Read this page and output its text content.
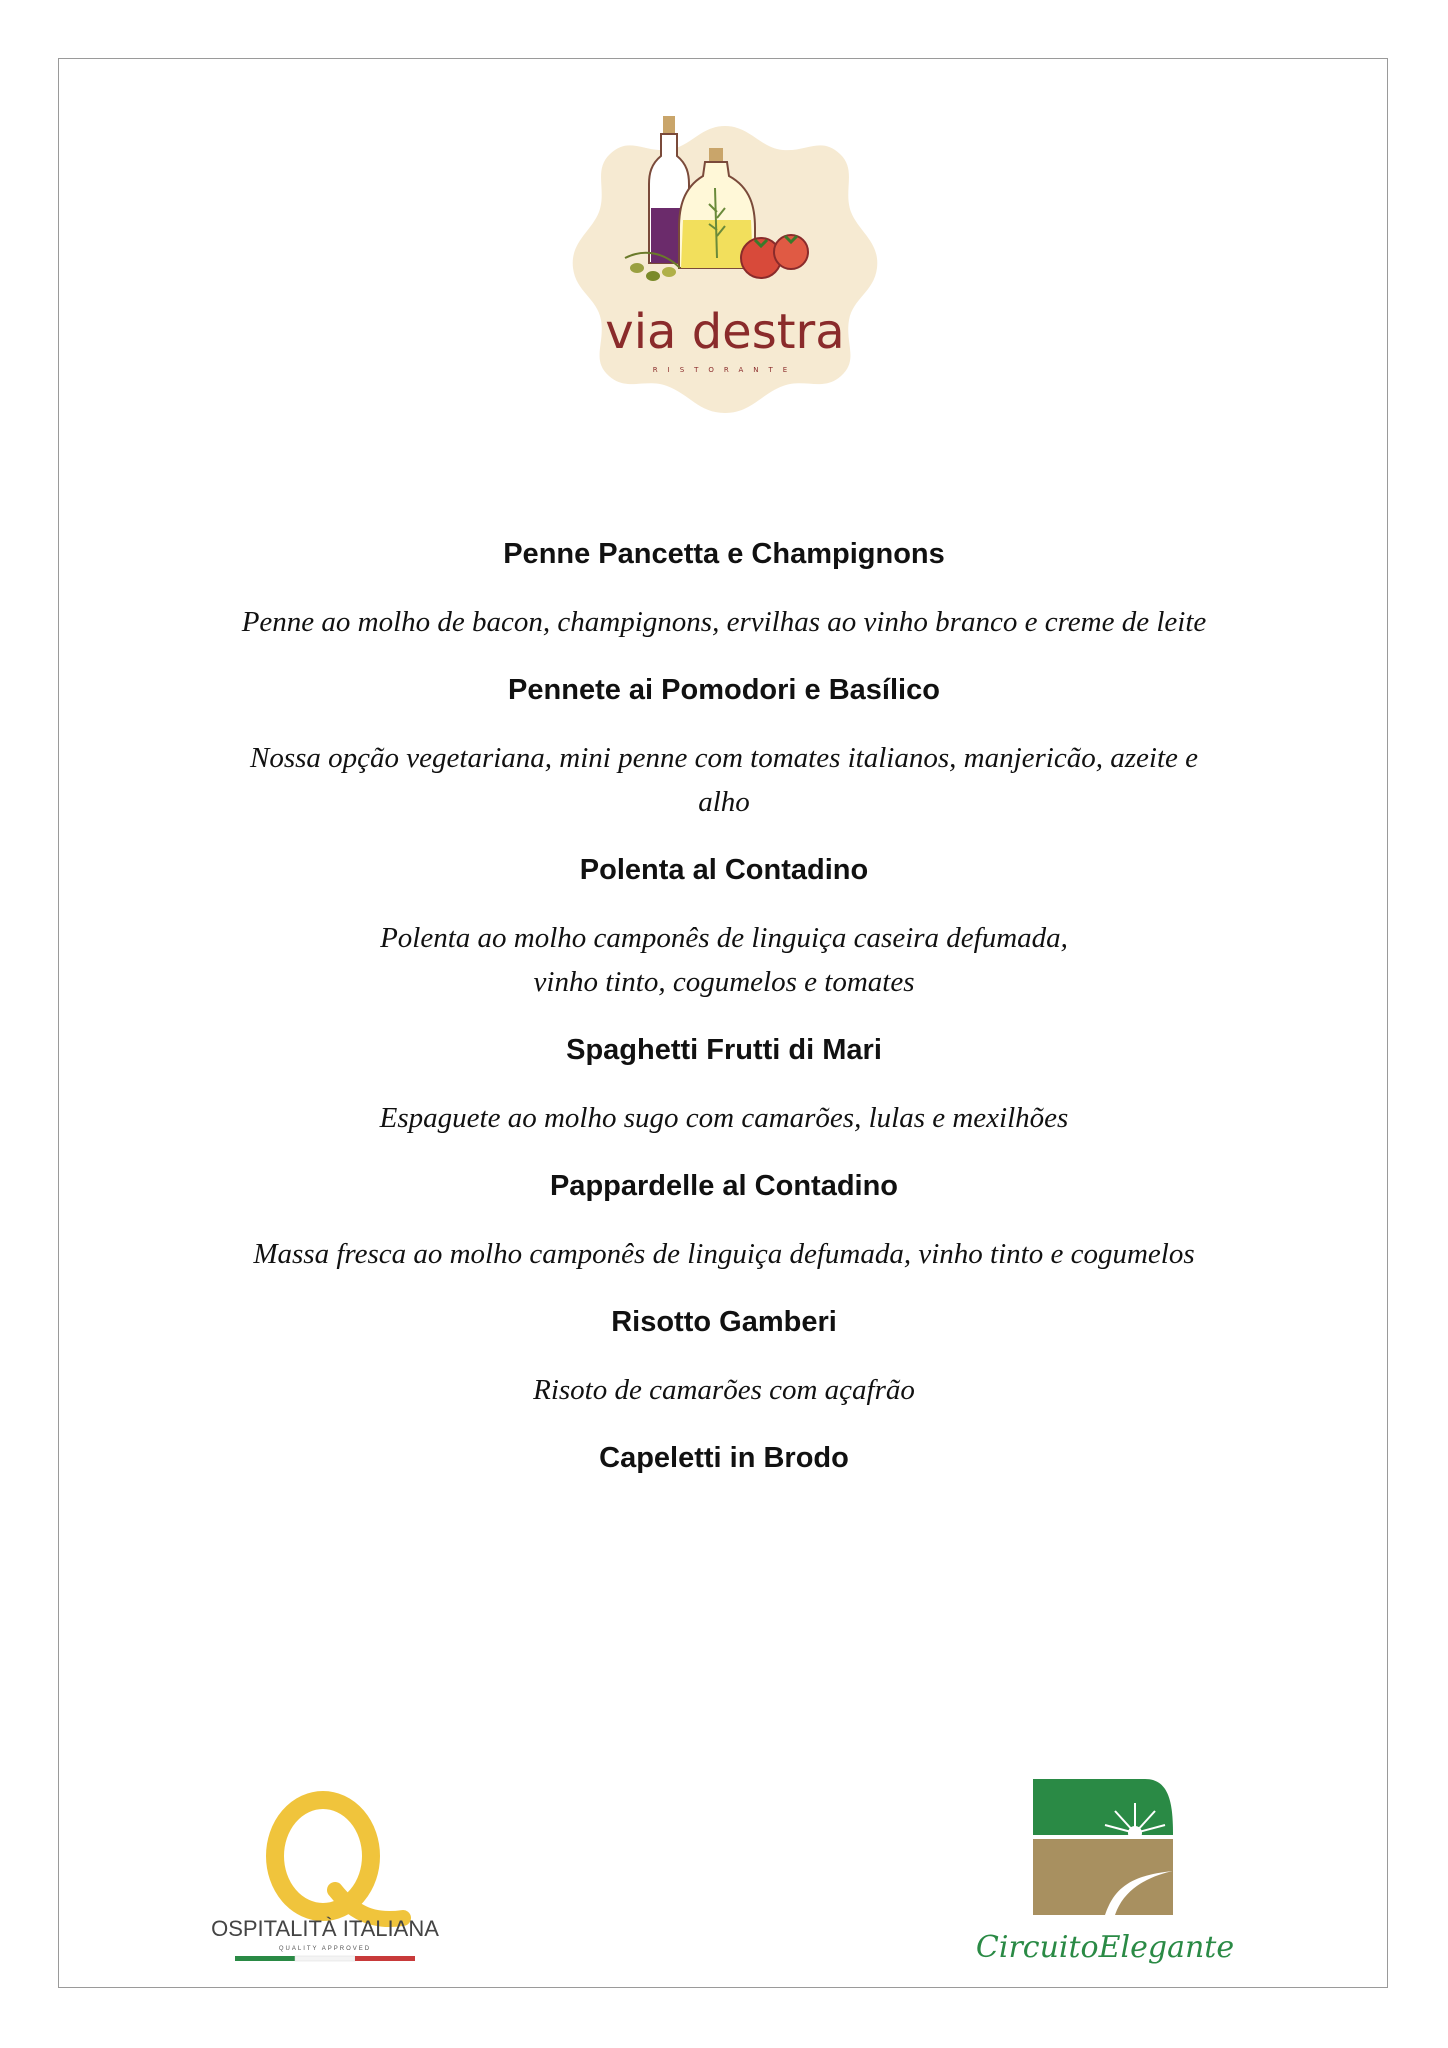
via destra
RISTORANTE

Penne Pancetta e Champignons

Penne ao molho de bacon, champignons, ervilhas ao vinho branco e creme de leite

Pennete ai Pomodori e Basílico

Nossa opção vegetariana, mini penne com tomates italianos, manjericão, azeite e alho

Polenta al Contadino

Polenta ao molho camponês de linguiça caseira defumada, vinho tinto, cogumelos e tomates

Spaghetti Frutti di Mari

Espaguete ao molho sugo com camarões, lulas e mexilhões

Pappardelle al Contadino

Massa fresca ao molho camponês de linguiça defumada, vinho tinto e cogumelos

Risotto Gamberi

Risoto de camarões com açafrão

Capeletti in Brodo

OSPITALITÀ ITALIANA
QUALITY APPROVED	CircuitoElegante
